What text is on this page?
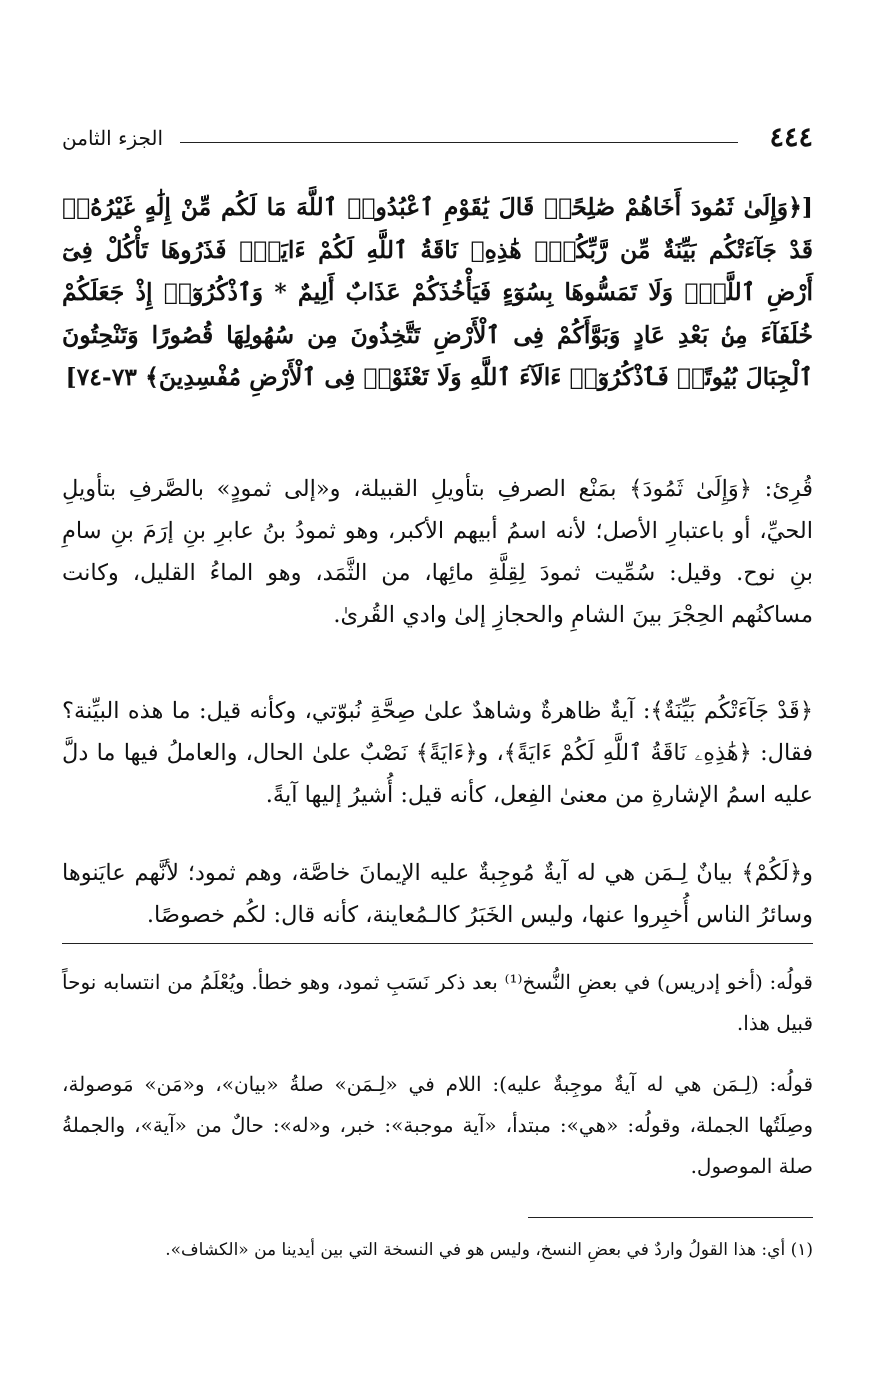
٤٤٤
الجزء الثامن

[﴿وَإِلَىٰ ثَمُودَ أَخَاهُمْ صَٰلِحًاۗ قَالَ يَٰقَوْمِ ٱعْبُدُوا۟ ٱللَّهَ مَا لَكُم مِّنْ إِلَٰهٍ غَيْرُهُۥۖ قَدْ جَآءَتْكُم بَيِّنَةٌ مِّن رَّبِّكُمْۖ هَٰذِهِۦ نَاقَةُ ٱللَّهِ لَكُمْ ءَايَةًۖ فَذَرُوهَا تَأْكُلْ فِىٓ أَرْضِ ٱللَّهِۖ وَلَا تَمَسُّوهَا بِسُوٓءٍ فَيَأْخُذَكُمْ عَذَابٌ أَلِيمٌ * وَٱذْكُرُوٓا۟ إِذْ جَعَلَكُمْ خُلَفَآءَ مِنۢ بَعْدِ عَادٍ وَبَوَّأَكُمْ فِى ٱلْأَرْضِ تَتَّخِذُونَ مِن سُهُولِهَا قُصُورًا وَتَنْحِتُونَ ٱلْجِبَالَ بُيُوتًاۖ فَٱذْكُرُوٓا۟ ءَالَآءَ ٱللَّهِ وَلَا تَعْثَوْا۟ فِى ٱلْأَرْضِ مُفْسِدِينَ﴾ ٧٣-٧٤]

قُرِئ: ﴿وَإِلَىٰ ثَمُودَ﴾ بمَنْع الصرفِ بتأويلِ القبيلة، و«إلى ثمودٍ» بالصَّرفِ بتأويلِ الحيِّ، أو باعتبارِ الأصل؛ لأنه اسمُ أبيهم الأكبر، وهو ثمودُ بنُ عابرِ بنِ إرَمَ بنِ سامِ بنِ نوح. وقيل: سُمِّيت ثمودَ لِقِلَّةِ مائِها، من الثَّمَد، وهو الماءُ القليل، وكانت مساكنُهم الحِجْرَ بينَ الشامِ والحجازِ إلىٰ وادي القُرىٰ.

﴿قَدْ جَآءَتْكُم بَيِّنَةٌ﴾: آيةٌ ظاهرةٌ وشاهدٌ علىٰ صِحَّةِ نُبوّتي، وكأنه قيل: ما هذه البيِّنة؟ فقال: ﴿هَٰذِهِۦ نَاقَةُ ٱللَّهِ لَكُمْ ءَايَةً﴾، و﴿ءَايَةً﴾ نَصْبٌ علىٰ الحال، والعاملُ فيها ما دلَّ عليه اسمُ الإشارةِ من معنىٰ الفِعل، كأنه قيل: أُشيرُ إليها آيةً.

و﴿لَكُمْ﴾ بيانٌ لِـمَن هي له آيةٌ مُوجِبةٌ عليه الإيمانَ خاصَّة، وهم ثمود؛ لأنَّهم عايَنوها وسائرُ الناس أُخبِروا عنها، وليس الخَبَرُ كالـمُعاينة، كأنه قال: لكُم خصوصًا.

قولُه: (أخو إدريس) في بعضِ النُّسخ⁽¹⁾ بعد ذكر نَسَبِ ثمود، وهو خطأ. ويُعْلَمُ من انتسابه نوحاً قبيل هذا.

قولُه: (لِـمَن هي له آيةٌ موجِبةٌ عليه): اللام في «لِـمَن» صلةُ «بيان»، و«مَن» مَوصولة، وصِلَتُها الجملة، وقولُه: «هي»: مبتدأ، «آية موجبة»: خبر، و«له»: حالٌ من «آية»، والجملةُ صلة الموصول.

(١) أي: هذا القولُ واردٌ في بعضِ النسخ، وليس هو في النسخة التي بين أيدينا من «الكشاف».
